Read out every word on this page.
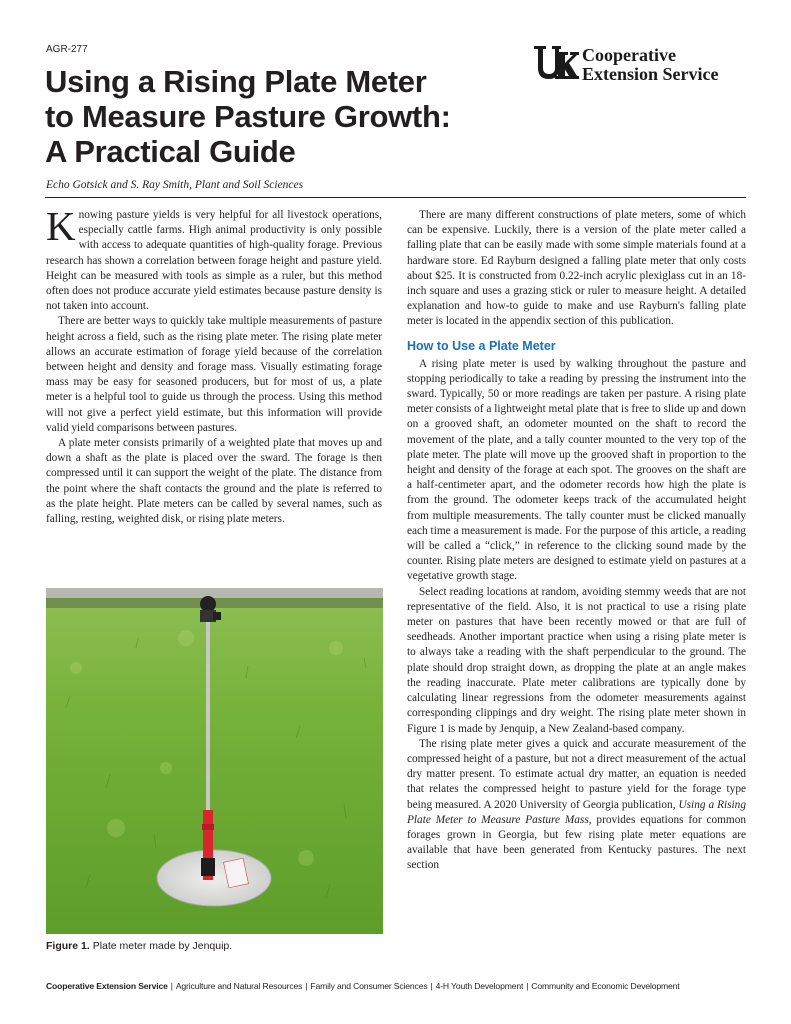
AGR-277
Using a Rising Plate Meter
to Measure Pasture Growth:
A Practical Guide
Echo Gotsick and S. Ray Smith, Plant and Soil Sciences
Cooperative
Extension Service

Knowing pasture yields is very helpful for all livestock operations, especially cattle farms. High animal productivity is only possible with access to adequate quantities of high-quality forage. Previous research has shown a correlation between forage height and pasture yield. Height can be measured with tools as simple as a ruler, but this method often does not produce accurate yield estimates because pasture density is not taken into account.

There are better ways to quickly take multiple measurements of pasture height across a field, such as the rising plate meter. The rising plate meter allows an accurate estimation of forage yield because of the correlation between height and density and forage mass. Visually estimating forage mass may be easy for seasoned producers, but for most of us, a plate meter is a helpful tool to guide us through the process. Using this method will not give a perfect yield estimate, but this information will provide valid yield comparisons between pastures.

A plate meter consists primarily of a weighted plate that moves up and down a shaft as the plate is placed over the sward. The forage is then compressed until it can support the weight of the plate. The distance from the point where the shaft contacts the ground and the plate is referred to as the plate height. Plate meters can be called by several names, such as falling, resting, weighted disk, or rising plate meters.

Figure 1. Plate meter made by Jenquip.

There are many different constructions of plate meters, some of which can be expensive. Luckily, there is a version of the plate meter called a falling plate that can be easily made with some simple materials found at a hardware store. Ed Rayburn designed a falling plate meter that only costs about $25. It is constructed from 0.22-inch acrylic plexiglass cut in an 18-inch square and uses a grazing stick or ruler to measure height. A detailed explanation and how-to guide to make and use Rayburn's falling plate meter is located in the appendix section of this publication.

How to Use a Plate Meter

A rising plate meter is used by walking throughout the pasture and stopping periodically to take a reading by pressing the instrument into the sward. Typically, 50 or more readings are taken per pasture. A rising plate meter consists of a lightweight metal plate that is free to slide up and down on a grooved shaft, an odometer mounted on the shaft to record the movement of the plate, and a tally counter mounted to the very top of the plate meter. The plate will move up the grooved shaft in proportion to the height and density of the forage at each spot. The grooves on the shaft are a half-centimeter apart, and the odometer records how high the plate is from the ground. The odometer keeps track of the accumulated height from multiple measurements. The tally counter must be clicked manually each time a measurement is made. For the purpose of this article, a reading will be called a “click,” in reference to the clicking sound made by the counter. Rising plate meters are designed to estimate yield on pastures at a vegetative growth stage.

Select reading locations at random, avoiding stemmy weeds that are not representative of the field. Also, it is not practical to use a rising plate meter on pastures that have been recently mowed or that are full of seedheads. Another important practice when using a rising plate meter is to always take a reading with the shaft perpendicular to the ground. The plate should drop straight down, as dropping the plate at an angle makes the reading inaccurate. Plate meter calibrations are typically done by calculating linear regressions from the odometer measurements against corresponding clippings and dry weight. The rising plate meter shown in Figure 1 is made by Jenquip, a New Zealand-based company.

The rising plate meter gives a quick and accurate measurement of the compressed height of a pasture, but not a direct measurement of the actual dry matter present. To estimate actual dry matter, an equation is needed that relates the compressed height to pasture yield for the forage type being measured. A 2020 University of Georgia publication, Using a Rising Plate Meter to Measure Pasture Mass, provides equations for common forages grown in Georgia, but few rising plate meter equations are available that have been generated from Kentucky pastures. The next section

Cooperative Extension Service | Agriculture and Natural Resources | Family and Consumer Sciences | 4-H Youth Development | Community and Economic Development
